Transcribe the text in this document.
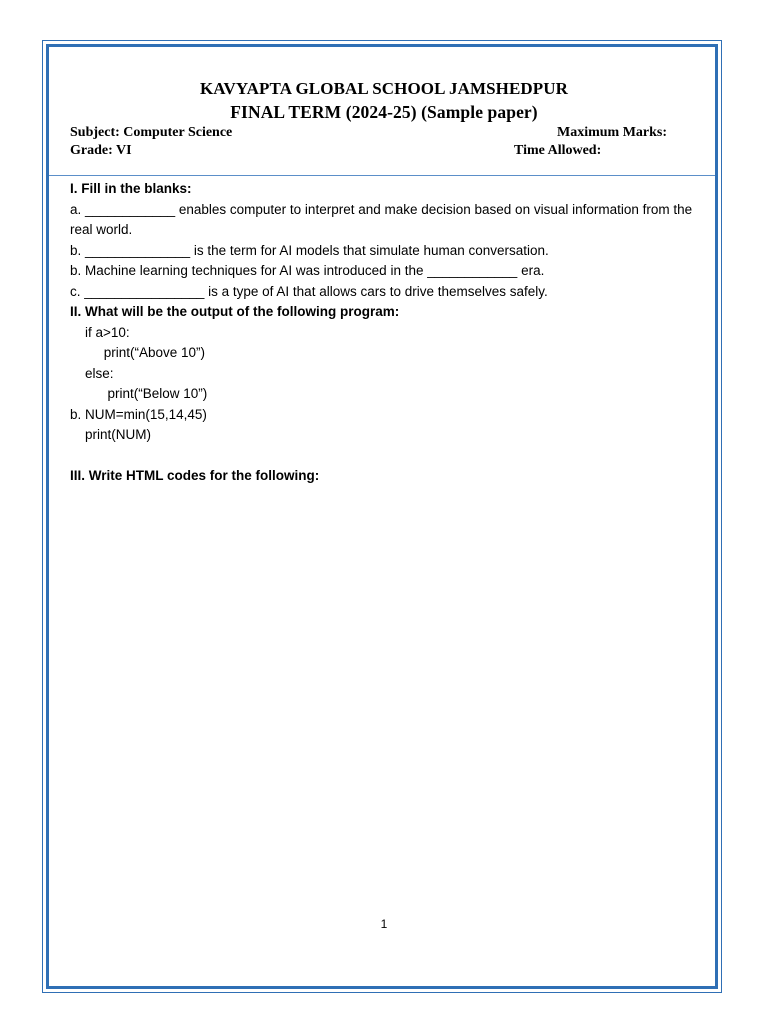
KAVYAPTA GLOBAL SCHOOL JAMSHEDPUR
FINAL TERM (2024-25) (Sample paper)
Subject: Computer Science	Maximum Marks:
Grade: VI	Time Allowed:
I. Fill in the blanks:
a. ____________ enables computer to interpret and make decision based on visual information from the real world.
b. ______________ is the term for AI models that simulate human conversation.
b. Machine learning techniques for AI was introduced in the ____________ era.
c. ________________ is a type of AI that allows cars to drive themselves safely.
II. What will be the output of the following program:
if a>10:
print(“Above 10”)
else:
print(“Below 10”)
b. NUM=min(15,14,45)
print(NUM)
III. Write HTML codes for the following:
1
